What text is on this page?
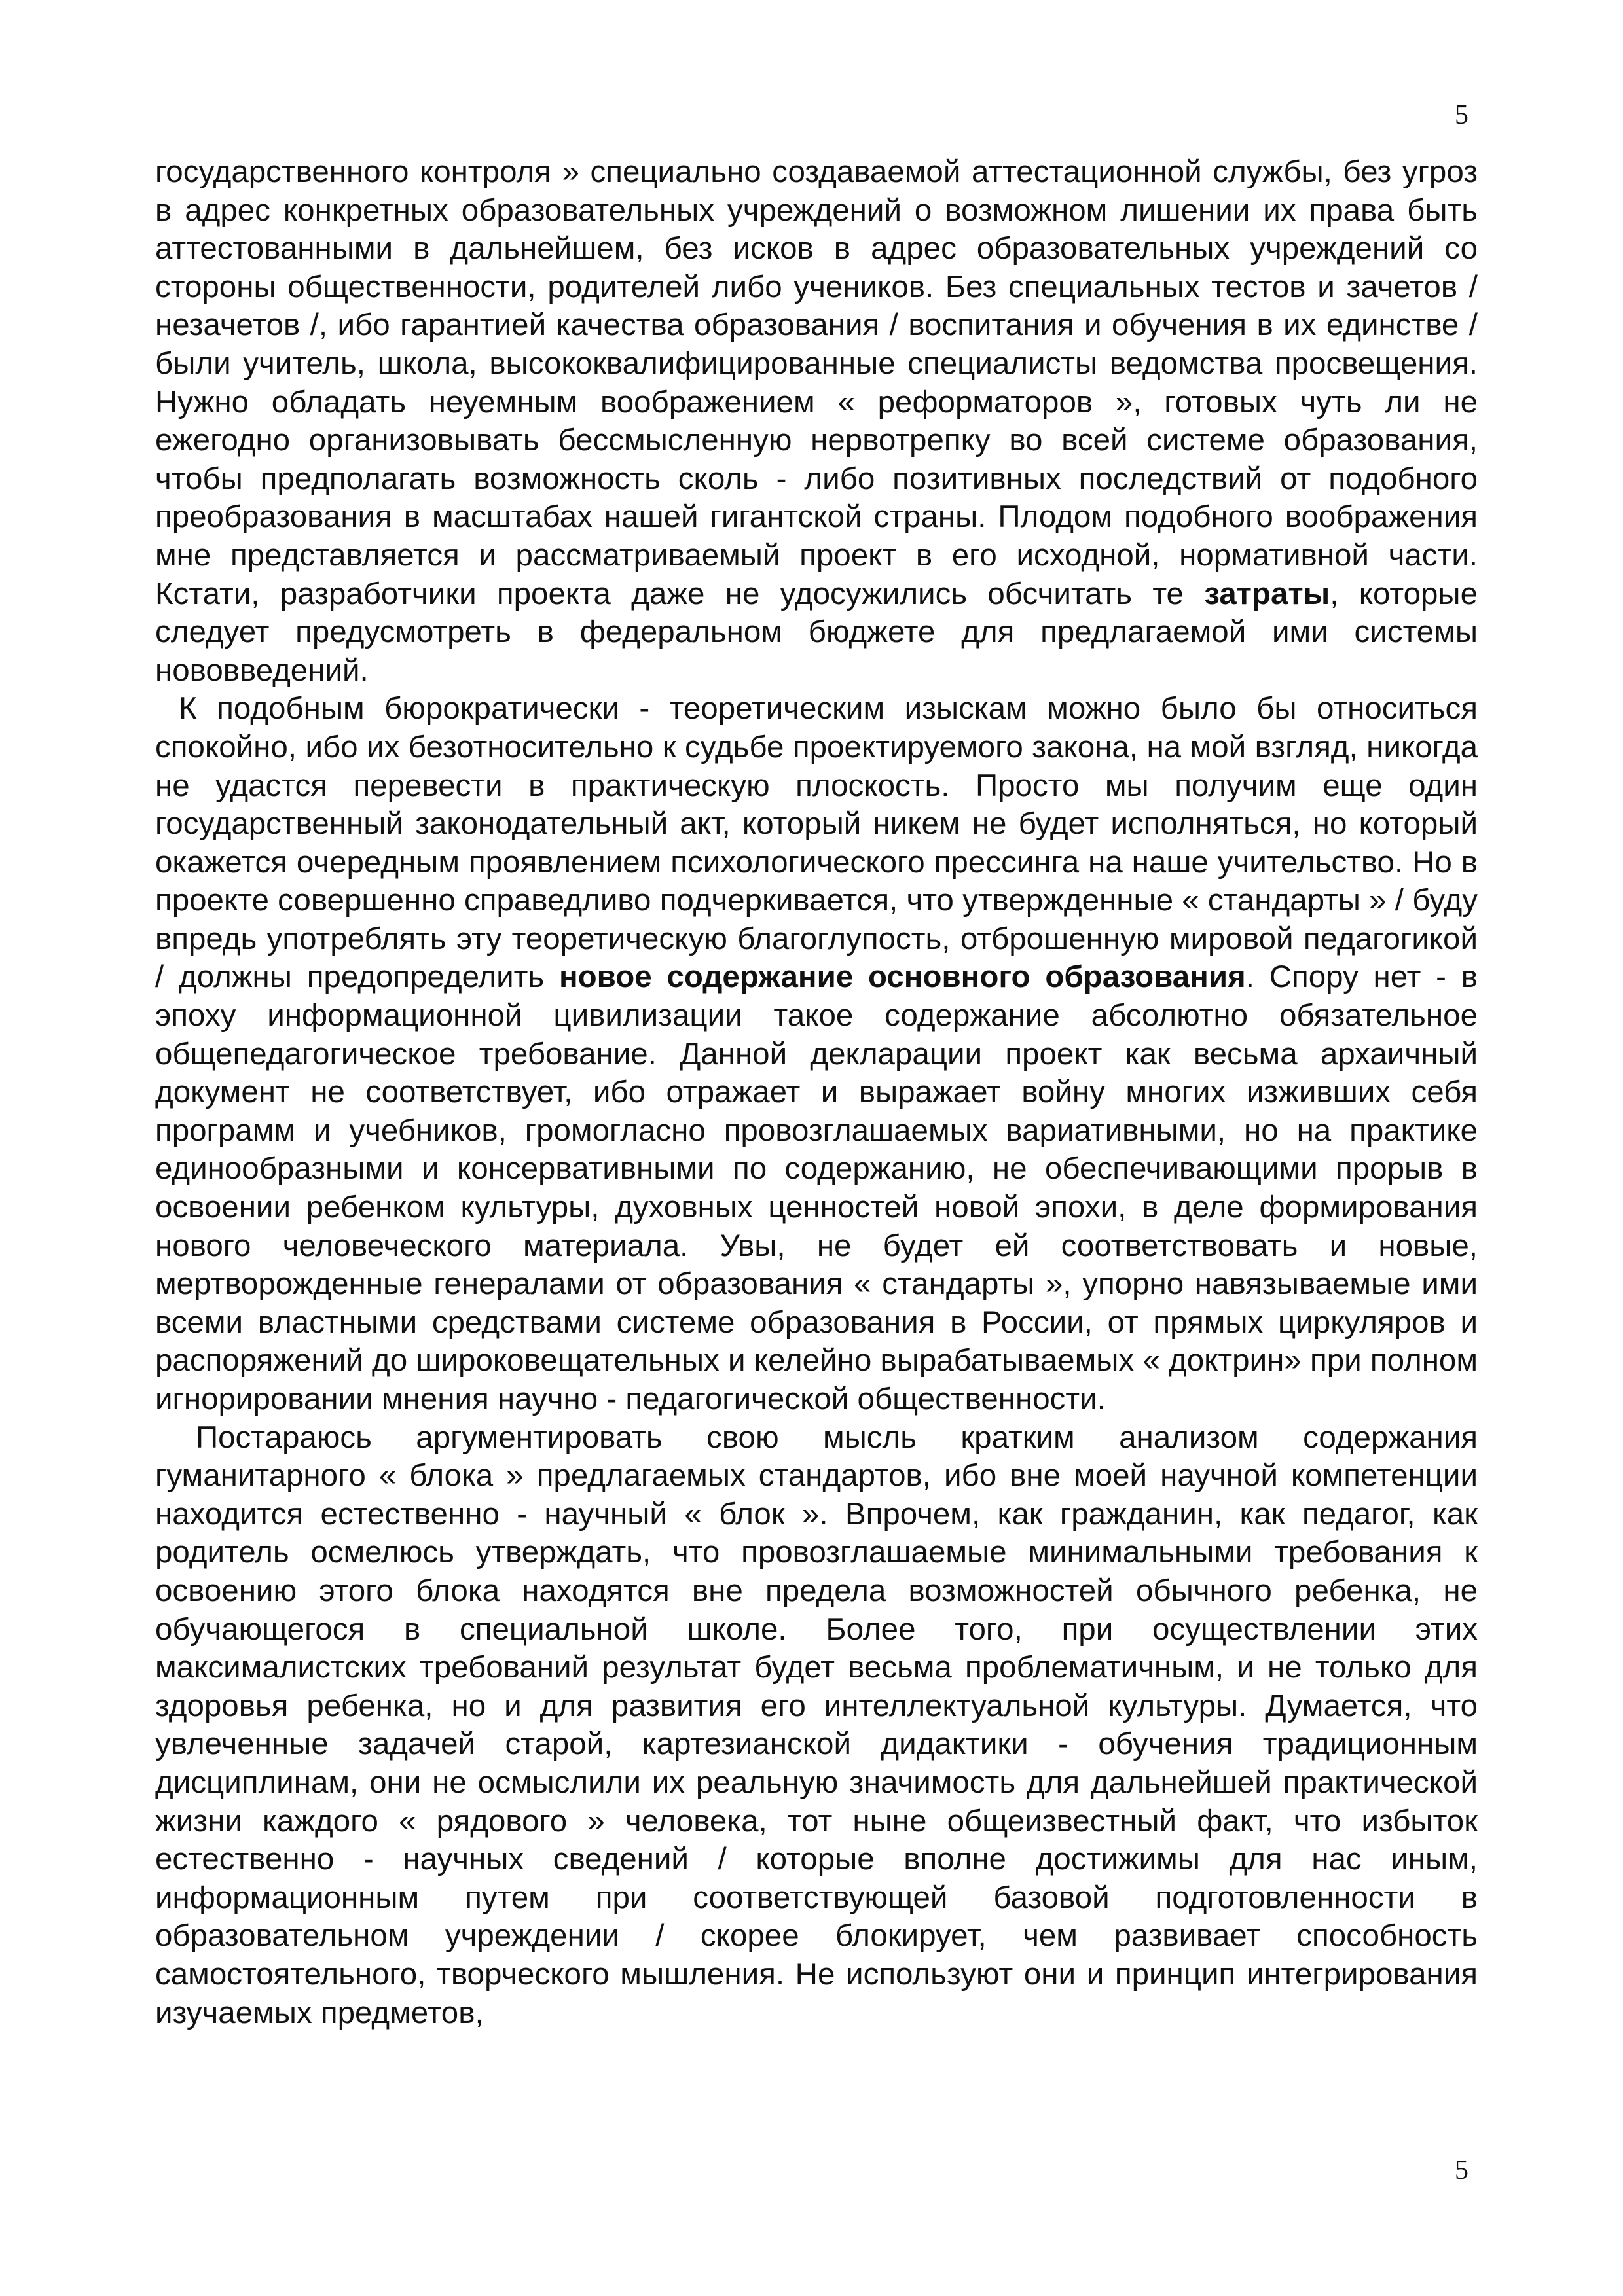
5

государственного контроля » специально создаваемой аттестационной службы, без угроз в адрес конкретных образовательных учреждений о возможном лишении их права быть аттестованными в дальнейшем, без исков в адрес образовательных учреждений со стороны общественности, родителей либо учеников. Без специальных тестов и зачетов / незачетов /, ибо гарантией качества образования / воспитания и обучения в их единстве / были учитель, школа, высококвалифицированные специалисты ведомства просвещения. Нужно обладать неуемным воображением « реформаторов », готовых чуть ли не ежегодно организовывать бессмысленную нервотрепку во всей системе образования, чтобы предполагать возможность сколь - либо позитивных последствий от подобного преобразования в масштабах нашей гигантской страны. Плодом подобного воображения мне представляется и рассматриваемый проект в его исходной, нормативной части. Кстати, разработчики проекта даже не удосужились обсчитать те затраты, которые следует предусмотреть в федеральном бюджете для предлагаемой ими системы нововведений.

К подобным бюрократически - теоретическим изыскам можно было бы относиться спокойно, ибо их безотносительно к судьбе проектируемого закона, на мой взгляд, никогда не удастся перевести в практическую плоскость. Просто мы получим еще один государственный законодательный акт, который никем не будет исполняться, но который окажется очередным проявлением психологического прессинга на наше учительство. Но в проекте совершенно справедливо подчеркивается, что утвержденные « стандарты » / буду впредь употреблять эту теоретическую благоглупость, отброшенную мировой педагогикой / должны предопределить новое содержание основного образования. Спору нет - в эпоху информационной цивилизации такое содержание абсолютно обязательное общепедагогическое требование. Данной декларации проект как весьма архаичный документ не соответствует, ибо отражает и выражает войну многих изживших себя программ и учебников, громогласно провозглашаемых вариативными, но на практике единообразными и консервативными по содержанию, не обеспечивающими прорыв в освоении ребенком культуры, духовных ценностей новой эпохи, в деле формирования нового человеческого материала. Увы, не будет ей соответствовать и новые, мертворожденные генералами от образования « стандарты », упорно навязываемые ими всеми властными средствами системе образования в России, от прямых циркуляров и распоряжений до широковещательных и келейно вырабатываемых « доктрин» при полном игнорировании мнения научно - педагогической общественности.

Постараюсь аргументировать свою мысль кратким анализом содержания гуманитарного « блока » предлагаемых стандартов, ибо вне моей научной компетенции находится естественно - научный « блок ». Впрочем, как гражданин, как педагог, как родитель осмелюсь утверждать, что провозглашаемые минимальными требования к освоению этого блока находятся вне предела возможностей обычного ребенка, не обучающегося в специальной школе. Более того, при осуществлении этих максималистских требований результат будет весьма проблематичным, и не только для здоровья ребенка, но и для развития его интеллектуальной культуры. Думается, что увлеченные задачей старой, картезианской дидактики - обучения традиционным дисциплинам, они не осмыслили их реальную значимость для дальнейшей практической жизни каждого « рядового » человека, тот ныне общеизвестный факт, что избыток естественно - научных сведений / которые вполне достижимы для нас иным, информационным путем при соответствующей базовой подготовленности в образовательном учреждении / скорее блокирует, чем развивает способность самостоятельного, творческого мышления. Не используют они и принцип интегрирования изучаемых предметов,

5
